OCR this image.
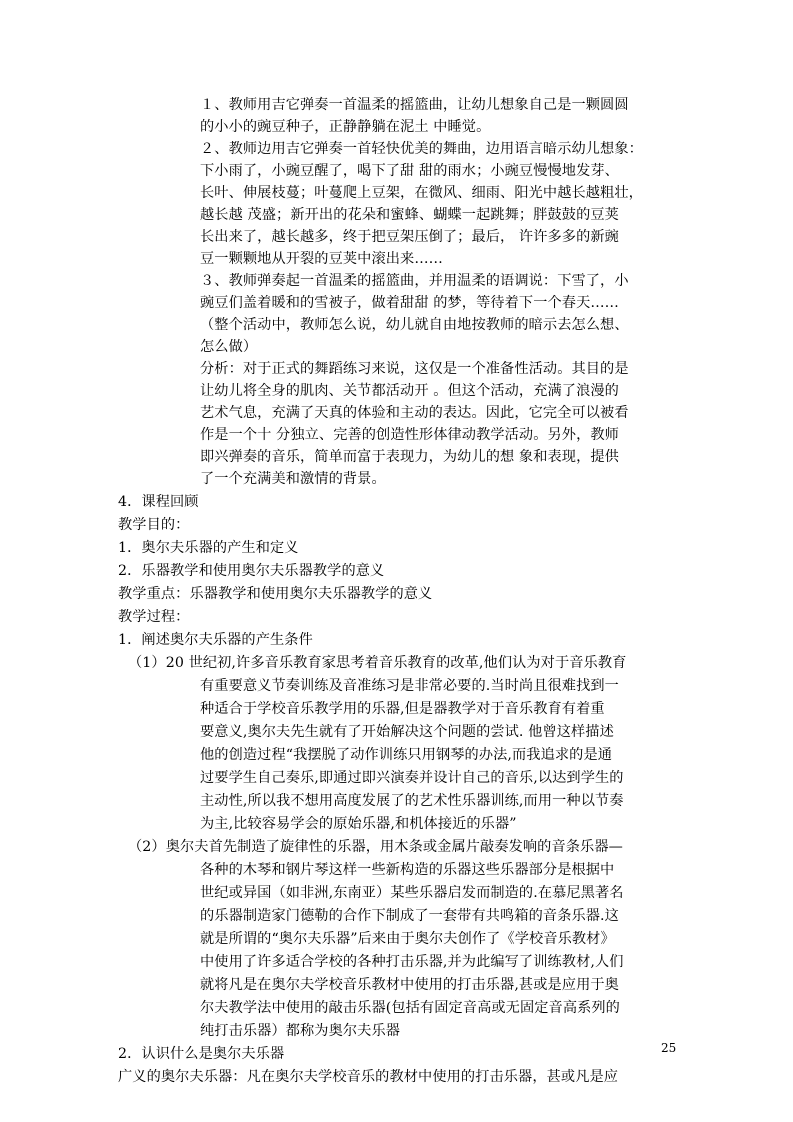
１、教师用吉它弹奏一首温柔的摇篮曲，让幼儿想象自己是一颗圆圆
的小小的豌豆种子，正静静躺在泥土 中睡觉。
２、教师边用吉它弹奏一首轻快优美的舞曲，边用语言暗示幼儿想象：
下小雨了，小豌豆醒了，喝下了甜 甜的雨水；小豌豆慢慢地发芽、
长叶、伸展枝蔓；叶蔓爬上豆架，在微风、细雨、阳光中越长越粗壮，
越长越 茂盛；新开出的花朵和蜜蜂、蝴蝶一起跳舞；胖鼓鼓的豆荚
长出来了，越长越多，终于把豆架压倒了；最后， 许许多多的新豌
豆一颗颗地从开裂的豆荚中滚出来……
３、教师弹奏起一首温柔的摇篮曲，并用温柔的语调说：下雪了，小
豌豆们盖着暖和的雪被子，做着甜甜 的梦，等待着下一个春天……
（整个活动中，教师怎么说，幼儿就自由地按教师的暗示去怎么想、
怎么做）
分析：对于正式的舞蹈练习来说，这仅是一个准备性活动。其目的是
让幼儿将全身的肌肉、关节都活动开 。但这个活动，充满了浪漫的
艺术气息，充满了天真的体验和主动的表达。因此，它完全可以被看
作是一个十 分独立、完善的创造性形体律动教学活动。另外，教师
即兴弹奏的音乐，简单而富于表现力，为幼儿的想 象和表现，提供
了一个充满美和激情的背景。
4．课程回顾
教学目的：
1．奥尔夫乐器的产生和定义
2．乐器教学和使用奥尔夫乐器教学的意义
教学重点：乐器教学和使用奥尔夫乐器教学的意义
教学过程：
1．阐述奥尔夫乐器的产生条件
（1）20 世纪初,许多音乐教育家思考着音乐教育的改革,他们认为对于音乐教育
有重要意义节奏训练及音准练习是非常必要的.当时尚且很难找到一
种适合于学校音乐教学用的乐器,但是器教学对于音乐教育有着重
要意义,奥尔夫先生就有了开始解决这个问题的尝试. 他曾这样描述
他的创造过程“我摆脱了动作训练只用钢琴的办法,而我追求的是通
过要学生自己奏乐,即通过即兴演奏并设计自己的音乐,以达到学生的
主动性,所以我不想用高度发展了的艺术性乐器训练,而用一种以节奏
为主,比较容易学会的原始乐器,和机体接近的乐器”
（2）奥尔夫首先制造了旋律性的乐器，用木条或金属片敲奏发响的音条乐器—
各种的木琴和钢片琴这样一些新构造的乐器这些乐器部分是根据中
世纪或异国（如非洲,东南亚）某些乐器启发而制造的.在慕尼黑著名
的乐器制造家门德勒的合作下制成了一套带有共鸣箱的音条乐器.这
就是所谓的“奥尔夫乐器”后来由于奥尔夫创作了《学校音乐教材》
中使用了许多适合学校的各种打击乐器,并为此编写了训练教材,人们
就将凡是在奥尔夫学校音乐教材中使用的打击乐器,甚或是应用于奥
尔夫教学法中使用的敲击乐器(包括有固定音高或无固定音高系列的
纯打击乐器）都称为奥尔夫乐器
2．认识什么是奥尔夫乐器
广义的奥尔夫乐器：凡在奥尔夫学校音乐的教材中使用的打击乐器，甚或凡是应
25
